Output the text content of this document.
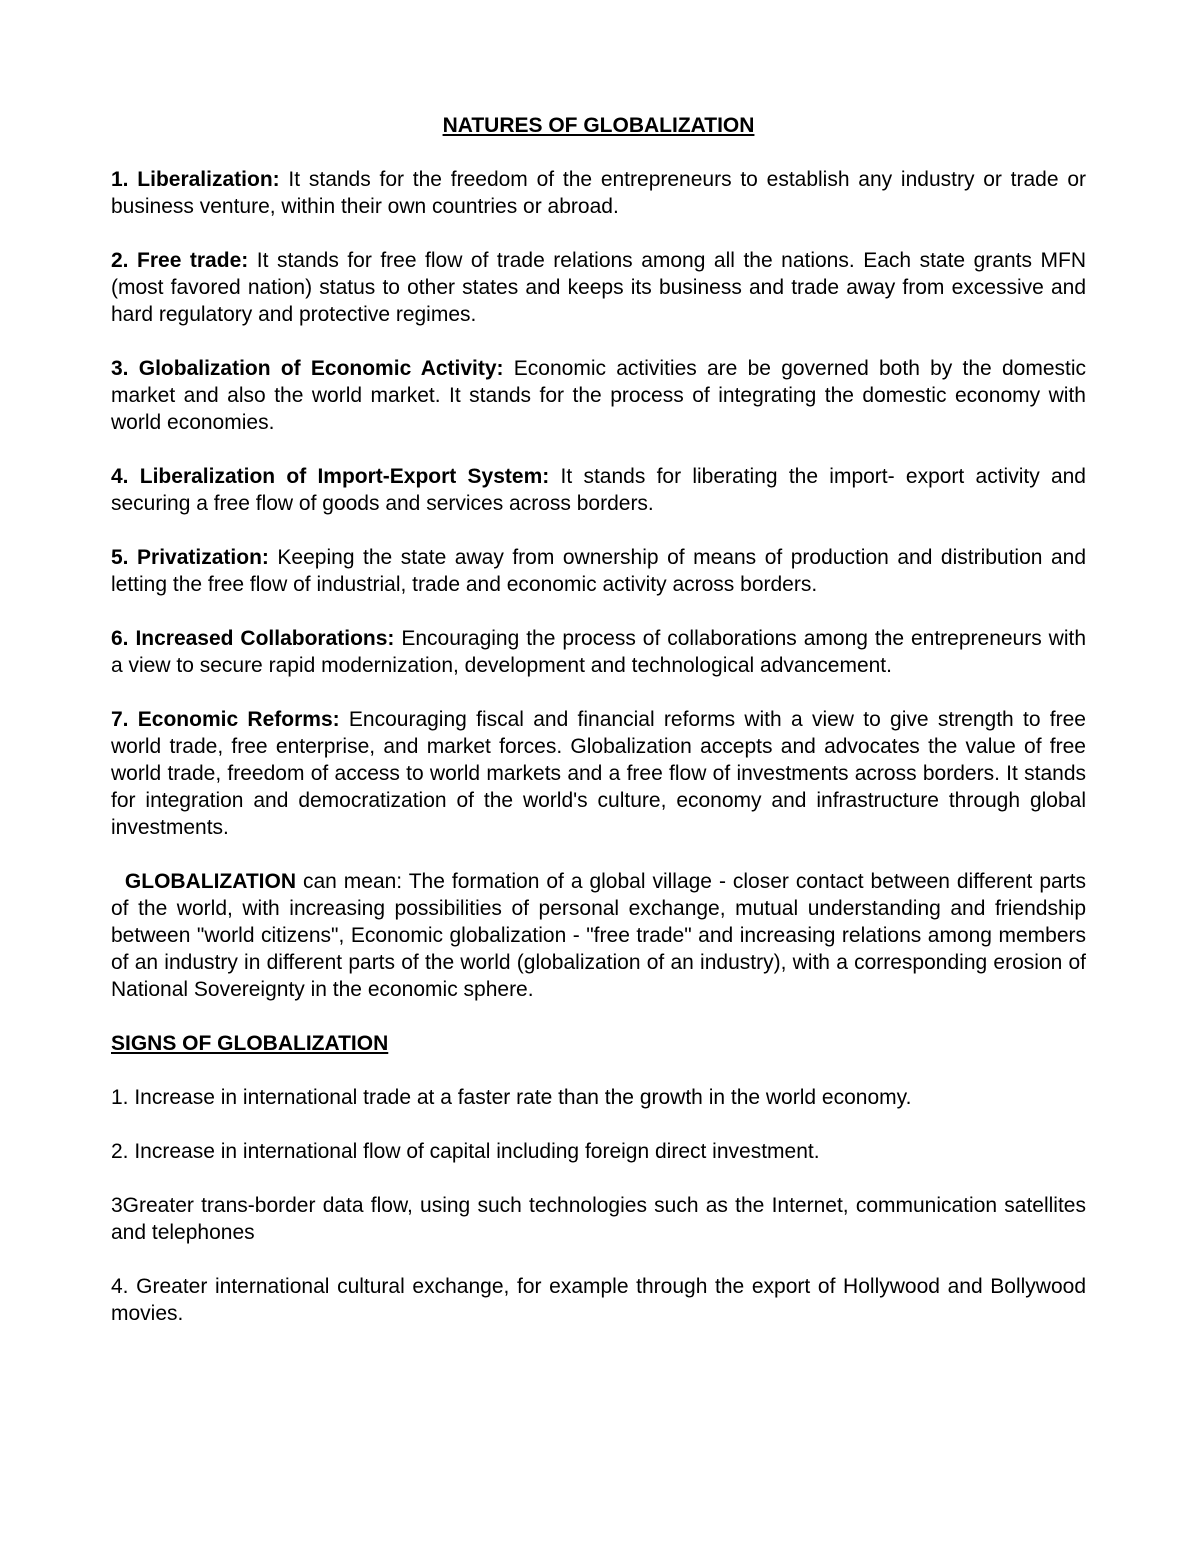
NATURES OF GLOBALIZATION

1. Liberalization: It stands for the freedom of the entrepreneurs to establish any industry or trade or business venture, within their own countries or abroad.

2. Free trade: It stands for free flow of trade relations among all the nations. Each state grants MFN (most favored nation) status to other states and keeps its business and trade away from excessive and hard regulatory and protective regimes.

3. Globalization of Economic Activity: Economic activities are be governed both by the domestic market and also the world market. It stands for the process of integrating the domestic economy with world economies.

4. Liberalization of Import-Export System: It stands for liberating the import- export activity and securing a free flow of goods and services across borders.

5. Privatization: Keeping the state away from ownership of means of production and distribution and letting the free flow of industrial, trade and economic activity across borders.

6. Increased Collaborations: Encouraging the process of collaborations among the entrepreneurs with a view to secure rapid modernization, development and technological advancement.

7. Economic Reforms: Encouraging fiscal and financial reforms with a view to give strength to free world trade, free enterprise, and market forces. Globalization accepts and advocates the value of free world trade, freedom of access to world markets and a free flow of investments across borders. It stands for integration and democratization of the world's culture, economy and infrastructure through global investments.

GLOBALIZATION can mean: The formation of a global village - closer contact between different parts of the world, with increasing possibilities of personal exchange, mutual understanding and friendship between "world citizens", Economic globalization - "free trade" and increasing relations among members of an industry in different parts of the world (globalization of an industry), with a corresponding erosion of National Sovereignty in the economic sphere.

SIGNS OF GLOBALIZATION

1. Increase in international trade at a faster rate than the growth in the world economy.

2. Increase in international flow of capital including foreign direct investment.

3Greater trans-border data flow, using such technologies such as the Internet, communication satellites and telephones

4. Greater international cultural exchange, for example through the export of Hollywood and Bollywood movies.
